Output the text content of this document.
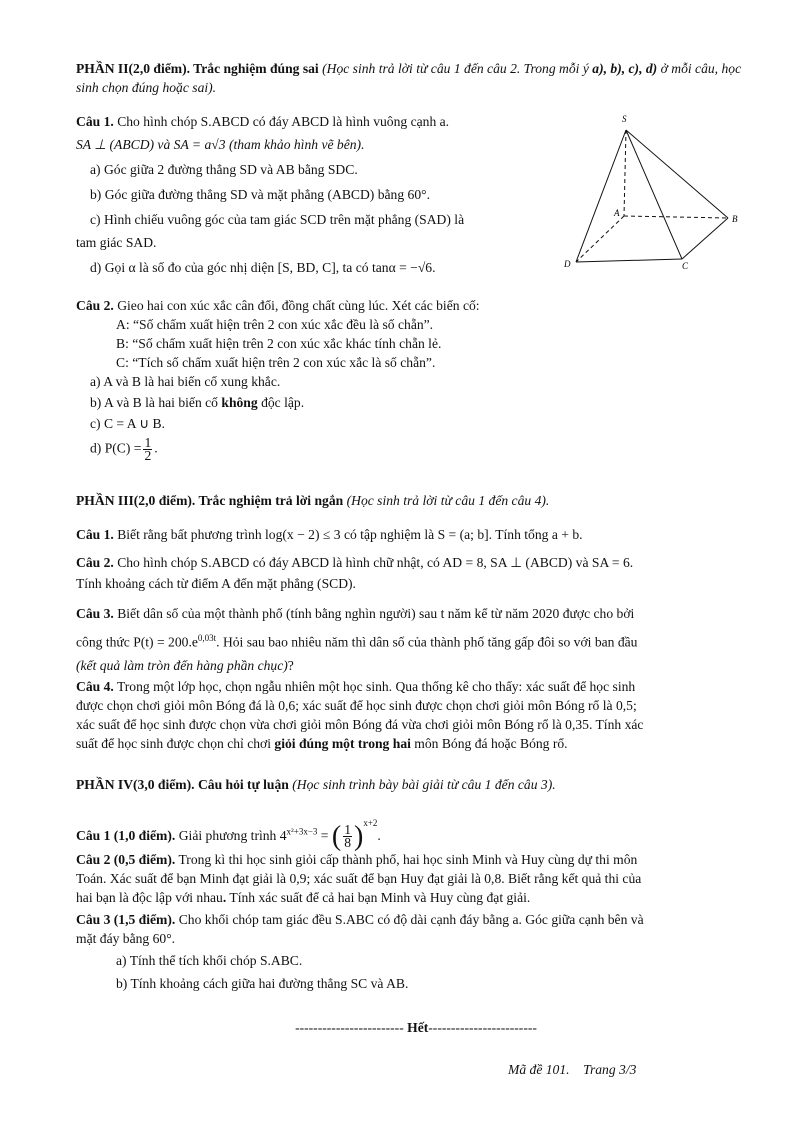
PHẦN II(2,0 điểm). Trắc nghiệm đúng sai (Học sinh trả lời từ câu 1 đến câu 2. Trong mỗi ý a), b), c), d) ở mỗi câu, học sinh chọn đúng hoặc sai).
Câu 1. Cho hình chóp S.ABCD có đáy ABCD là hình vuông cạnh a.
SA ⊥ (ABCD) và SA = a√3 (tham khảo hình vẽ bên).
a) Góc giữa 2 đường thẳng SD và AB bằng SDC.
b) Góc giữa đường thẳng SD và mặt phẳng (ABCD) bằng 60°.
c) Hình chiếu vuông góc của tam giác SCD trên mặt phẳng (SAD) là
tam giác SAD.
d) Gọi α là số đo của góc nhị diện [S, BD, C], ta có tanα = −√6.
S
A
B
C
D
Câu 2. Gieo hai con xúc xắc cân đối, đồng chất cùng lúc. Xét các biến cố:
A: “Số chấm xuất hiện trên 2 con xúc xắc đều là số chẵn”.
B: “Số chấm xuất hiện trên 2 con xúc xắc khác tính chẵn lẻ.
C: “Tích số chấm xuất hiện trên 2 con xúc xắc là số chẵn”.
a) A và B là hai biến cố xung khắc.
b) A và B là hai biến cố không độc lập.
c) C = A ∪ B.
d) $P(C) = \frac{1}{2}$ .
PHẦN III(2,0 điểm). Trắc nghiệm trả lời ngắn (Học sinh trả lời từ câu 1 đến câu 4).
Câu 1. Biết rằng bất phương trình log(x − 2) ≤ 3 có tập nghiệm là S = (a; b]. Tính tổng a + b.
Câu 2. Cho hình chóp S.ABCD có đáy ABCD là hình chữ nhật, có AD = 8, SA ⊥ (ABCD) và SA = 6.
Tính khoảng cách từ điểm A đến mặt phẳng (SCD).
Câu 3. Biết dân số của một thành phố (tính bằng nghìn người) sau t năm kể từ năm 2020 được cho bởi
công thức $P(t) = 200.e^{0,03t}$. Hỏi sau bao nhiêu năm thì dân số của thành phố tăng gấp đôi so với ban đầu
(kết quả làm tròn đến hàng phần chục)?
Câu 4. Trong một lớp học, chọn ngẫu nhiên một học sinh. Qua thống kê cho thấy: xác suất để học sinh
được chọn chơi giỏi môn Bóng đá là 0,6; xác suất để học sinh được chọn chơi giỏi môn Bóng rổ là 0,5;
xác suất để học sinh được chọn vừa chơi giỏi môn Bóng đá vừa chơi giỏi môn Bóng rổ là 0,35. Tính xác
suất để học sinh được chọn chỉ chơi giỏi đúng một trong hai môn Bóng đá hoặc Bóng rổ.
PHẦN IV(3,0 điểm). Câu hỏi tự luận (Học sinh trình bày bài giải từ câu 1 đến câu 3).
Câu 1 (1,0 điểm). Giải phương trình $4^{x^2+3x-3}$ = ( $\frac{1}{8} )^{x+2}$.
Câu 2 (0,5 điểm). Trong kì thi học sinh giỏi cấp thành phố, hai học sinh Minh và Huy cùng dự thi môn
Toán. Xác suất để bạn Minh đạt giải là 0,9; xác suất để bạn Huy đạt giải là 0,8. Biết rằng kết quả thi của
hai bạn là độc lập với nhau. Tính xác suất để cả hai bạn Minh và Huy cùng đạt giải.
Câu 3 (1,5 điểm). Cho khối chóp tam giác đều S.ABC có độ dài cạnh đáy bằng a. Góc giữa cạnh bên và
mặt đáy bằng 60°.
a) Tính thể tích khối chóp S.ABC.
b) Tính khoảng cách giữa hai đường thẳng SC và AB.
------------------------ Hết------------------------
Mã đề 101. Trang 3/3
